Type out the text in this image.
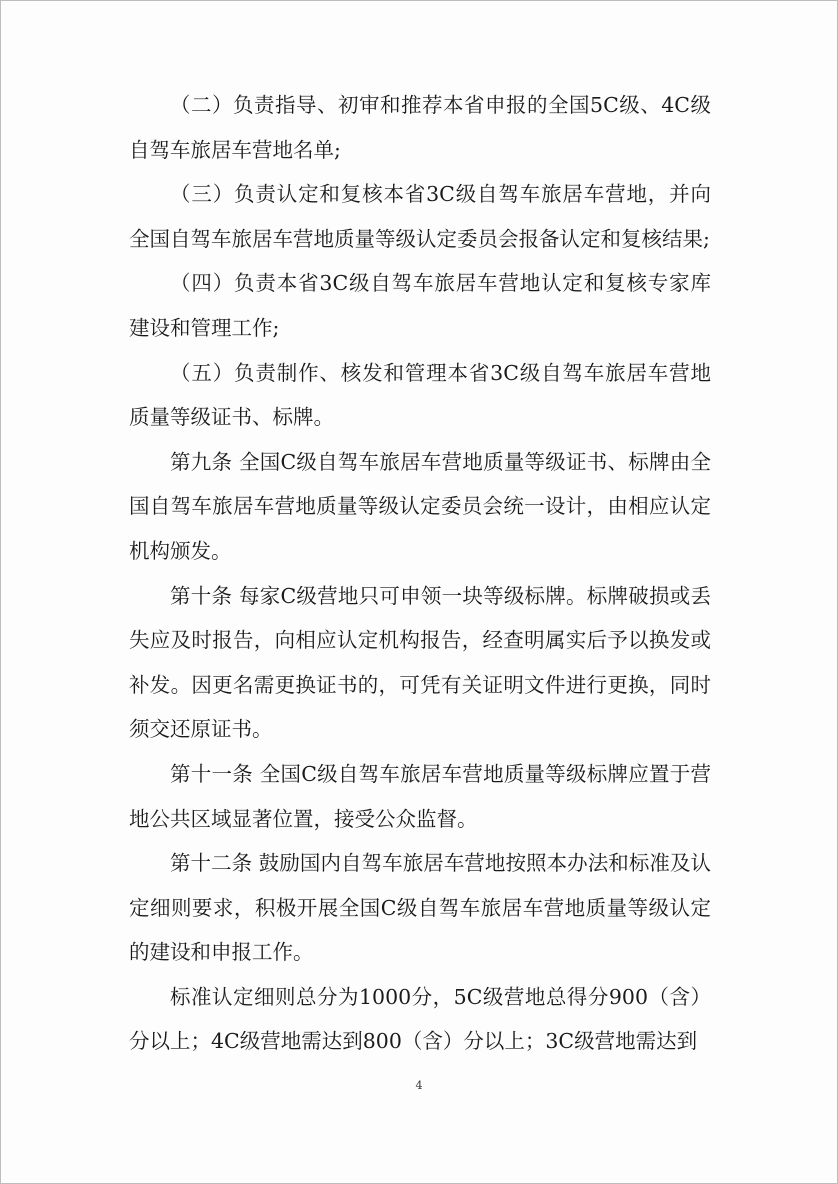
（二）负责指导、初审和推荐本省申报的全国5C级、4C级自驾车旅居车营地名单;

（三）负责认定和复核本省3C级自驾车旅居车营地，并向全国自驾车旅居车营地质量等级认定委员会报备认定和复核结果;

（四）负责本省3C级自驾车旅居车营地认定和复核专家库建设和管理工作;

（五）负责制作、核发和管理本省3C级自驾车旅居车营地质量等级证书、标牌。

第九条 全国C级自驾车旅居车营地质量等级证书、标牌由全国自驾车旅居车营地质量等级认定委员会统一设计，由相应认定机构颁发。

第十条 每家C级营地只可申领一块等级标牌。标牌破损或丢失应及时报告，向相应认定机构报告，经查明属实后予以换发或补发。因更名需更换证书的，可凭有关证明文件进行更换，同时须交还原证书。

第十一条 全国C级自驾车旅居车营地质量等级标牌应置于营地公共区域显著位置，接受公众监督。

第十二条 鼓励国内自驾车旅居车营地按照本办法和标准及认定细则要求，积极开展全国C级自驾车旅居车营地质量等级认定的建设和申报工作。

标准认定细则总分为1000分，5C级营地总得分900（含）分以上；4C级营地需达到800（含）分以上；3C级营地需达到

4
